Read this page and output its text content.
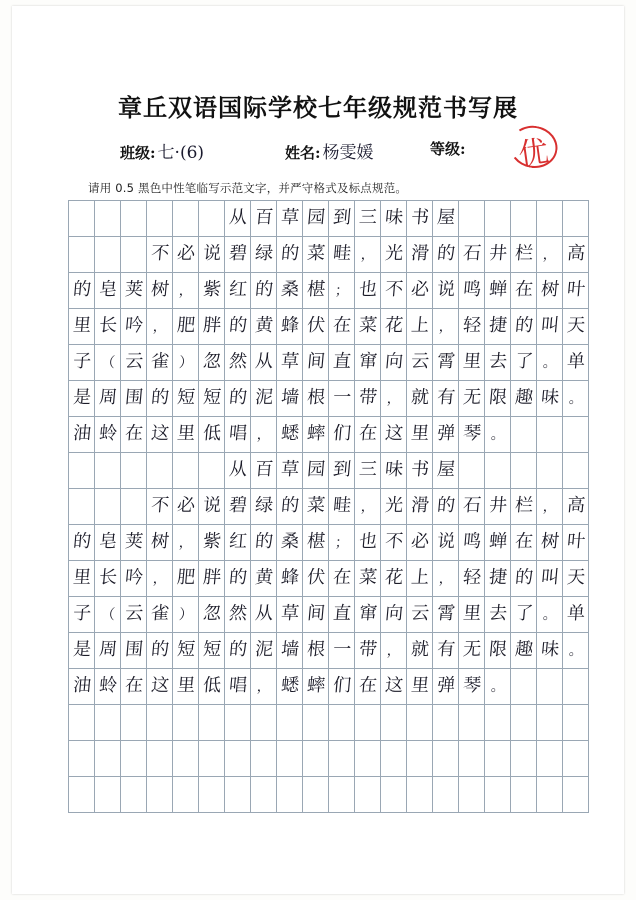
章丘双语国际学校七年级规范书写展
班级: 七·(6)	姓名: 杨雯媛	等级: 优
请用 0.5 黑色中性笔临写示范文字，并严守格式及标点规范。
						从	百	草	园	到	三	味	书	屋					
			不	必	说	碧	绿	的	菜	畦	，	光	滑	的	石	井	栏	，	高
的	皂	荚	树	，	紫	红	的	桑	椹	；	也	不	必	说	鸣	蝉	在	树	叶
里	长	吟	，	肥	胖	的	黄	蜂	伏	在	菜	花	上	，	轻	捷	的	叫	天
子	（	云	雀	）	忽	然	从	草	间	直	窜	向	云	霄	里	去	了	。	单
是	周	围	的	短	短	的	泥	墙	根	一	带	，	就	有	无	限	趣	味	。
油	蛉	在	这	里	低	唱	，	蟋	蟀	们	在	这	里	弹	琴	。			
						从	百	草	园	到	三	味	书	屋					
			不	必	说	碧	绿	的	菜	畦	，	光	滑	的	石	井	栏	，	高
的	皂	荚	树	，	紫	红	的	桑	椹	；	也	不	必	说	鸣	蝉	在	树	叶
里	长	吟	，	肥	胖	的	黄	蜂	伏	在	菜	花	上	，	轻	捷	的	叫	天
子	（	云	雀	）	忽	然	从	草	间	直	窜	向	云	霄	里	去	了	。	单
是	周	围	的	短	短	的	泥	墙	根	一	带	，	就	有	无	限	趣	味	。
油	蛉	在	这	里	低	唱	，	蟋	蟀	们	在	这	里	弹	琴	。			
